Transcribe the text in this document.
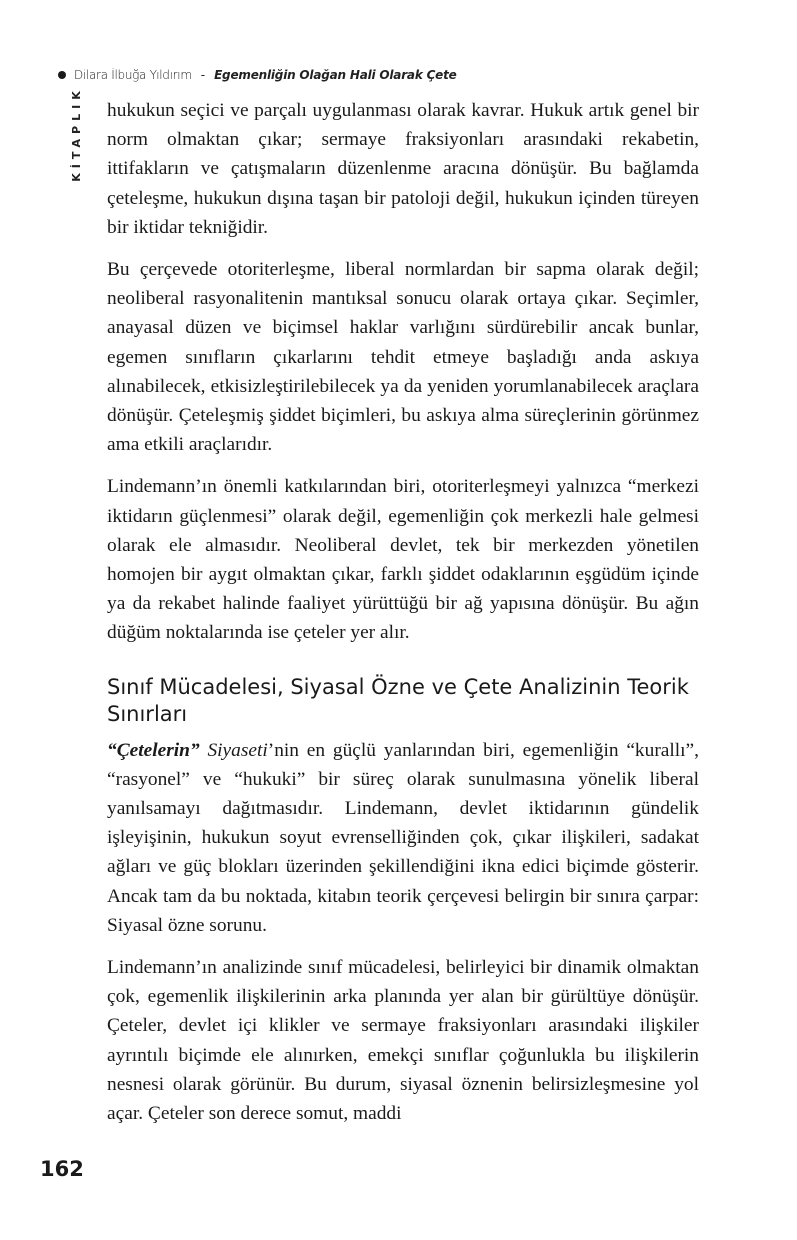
Dilara İlbuğa Yıldırım - Egemenliğin Olağan Hali Olarak Çete
KİTAPLIK hukukun seçici ve parçalı uygulanması olarak kavrar. Hukuk artık genel bir norm olmaktan çıkar; sermaye fraksiyonları arasındaki rekabetin, ittifakların ve çatışmaların düzenlenme aracına dönüşür. Bu bağlamda çeteleşme, hukukun dışına taşan bir patoloji değil, hukukun içinden türeyen bir iktidar tekniğidir.

Bu çerçevede otoriterleşme, liberal normlardan bir sapma olarak değil; neoliberal rasyonalitenin mantıksal sonucu olarak ortaya çıkar. Seçimler, anayasal düzen ve biçimsel haklar varlığını sürdürebilir ancak bunlar, egemen sınıfların çıkarlarını tehdit etmeye başladığı anda askıya alınabilecek, etkisizleştirilebilecek ya da yeniden yorumlanabilecek araçlara dönüşür. Çeteleşmiş şiddet biçimleri, bu askıya alma süreçlerinin görünmez ama etkili araçlarıdır.

Lindemann’ın önemli katkılarından biri, otoriterleşmeyi yalnızca “merkezi iktidarın güçlenmesi” olarak değil, egemenliğin çok merkezli hale gelmesi olarak ele almasıdır. Neoliberal devlet, tek bir merkezden yönetilen homojen bir aygıt olmaktan çıkar, farklı şiddet odaklarının eşgüdüm içinde ya da rekabet halinde faaliyet yürüttüğü bir ağ yapısına dönüşür. Bu ağın düğüm noktalarında ise çeteler yer alır.

Sınıf Mücadelesi, Siyasal Özne ve Çete Analizinin Teorik Sınırları

“Çetelerin” Siyaseti’nin en güçlü yanlarından biri, egemenliğin “kurallı”, “rasyonel” ve “hukuki” bir süreç olarak sunulmasına yönelik liberal yanılsamayı dağıtmasıdır. Lindemann, devlet iktidarının gündelik işleyişinin, hukukun soyut evrenselliğinden çok, çıkar ilişkileri, sadakat ağları ve güç blokları üzerinden şekillendiğini ikna edici biçimde gösterir. Ancak tam da bu noktada, kitabın teorik çerçevesi belirgin bir sınıra çarpar: Siyasal özne sorunu.

Lindemann’ın analizinde sınıf mücadelesi, belirleyici bir dinamik olmaktan çok, egemenlik ilişkilerinin arka planında yer alan bir gürültüye dönüşür. Çeteler, devlet içi klikler ve sermaye fraksiyonları arasındaki ilişkiler ayrıntılı biçimde ele alınırken, emekçi sınıflar çoğunlukla bu ilişkilerin nesnesi olarak görünür. Bu durum, siyasal öznenin belirsizleşmesine yol açar. Çeteler son derece somut, maddi

162
